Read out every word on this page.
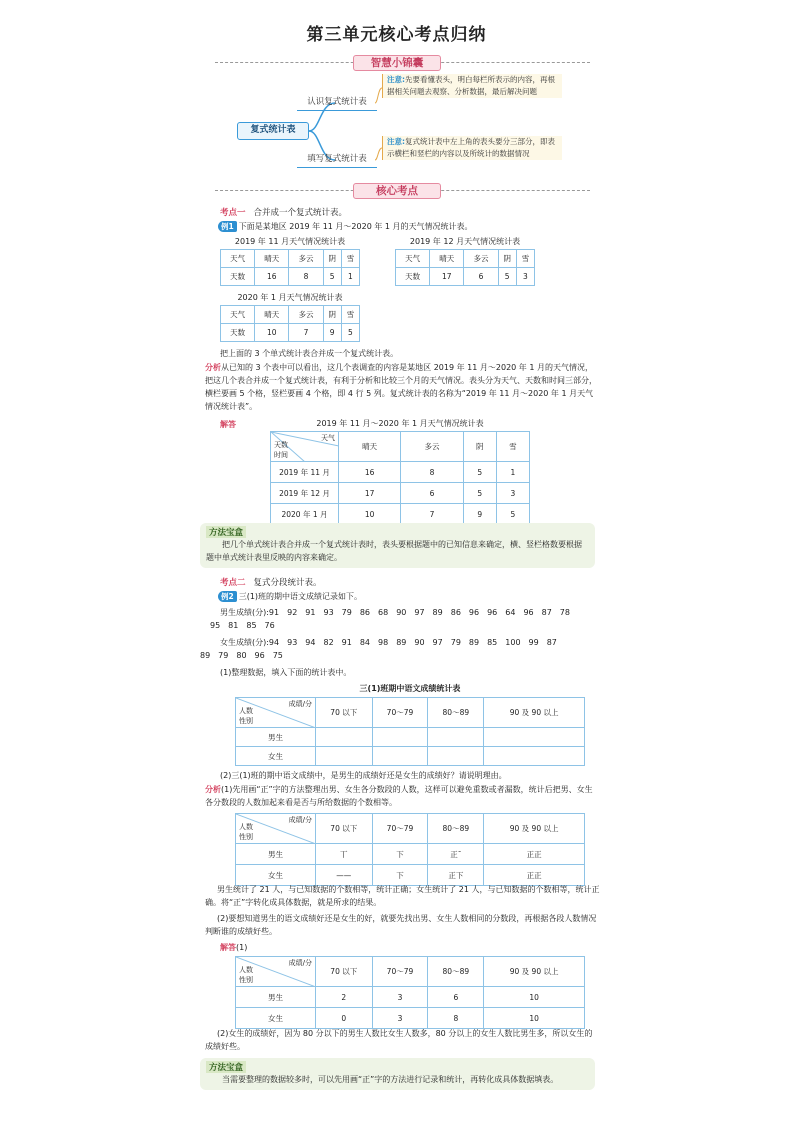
第三单元核心考点归纳
智慧小锦囊
复式统计表
认识复式统计表
填写复式统计表
注意:先要看懂表头，明白每栏所表示的内容，再根据相关问题去观察、分析数据，最后解决问题
注意:复式统计表中左上角的表头要分三部分，即表示横栏和竖栏的内容以及所统计的数据情况
核心考点
考点一 合并成一个复式统计表。
例1 下面是某地区 2019 年 11 月～2020 年 1 月的天气情况统计表。
2019 年 11 月天气情况统计表
天气	晴天	多云	阴	雪
天数	16	8	5	1
2019 年 12 月天气情况统计表
天气	晴天	多云	阴	雪
天数	17	6	5	3
2020 年 1 月天气情况统计表
天气	晴天	多云	阴	雪
天数	10	7	9	5
把上面的 3 个单式统计表合并成一个复式统计表。
分析从已知的 3 个表中可以看出，这几个表调查的内容是某地区 2019 年 11 月～2020 年 1 月的天气情况，把这几个表合并成一个复式统计表，有利于分析和比较三个月的天气情况。表头分为天气、天数和时间三部分，横栏要画 5 个格，竖栏要画 4 个格，即 4 行 5 列。复式统计表的名称为“2019 年 11 月～2020 年 1 月天气情况统计表”。
解答	2019 年 11 月～2020 年 1 月天气情况统计表
天气
天数
时间	晴天	多云	阴	雪
2019 年 11 月	16	8	5	1
2019 年 12 月	17	6	5	3
2020 年 1 月	10	7	9	5
方法宝盒
把几个单式统计表合并成一个复式统计表时，表头要根据题中的已知信息来确定，横、竖栏格数要根据题中单式统计表里反映的内容来确定。
考点二 复式分段统计表。
例2 三(1)班的期中语文成绩记录如下。
男生成绩(分):91　92　91　93　79　86　68　90　97　89　86　96　96　64　96　87　78
95　81　85　76
女生成绩(分):94　93　94　82　91　84　98　89　90　97　79　89　85　100　99　87
89　79　80　96　75
(1)整理数据，填入下面的统计表中。
三(1)班期中语文成绩统计表
成绩/分
人数
性别	70 以下	70～79	80～89	90 及 90 以上
男生				
女生				
(2)三(1)班的期中语文成绩中，是男生的成绩好还是女生的成绩好？请说明理由。
分析(1)先用画“正”字的方法整理出男、女生各分数段的人数，这样可以避免重数或者漏数，统计后把男、女生各分数段的人数加起来看是否与所给数据的个数相等。
成绩/分
人数
性别	70 以下	70～79	80～89	90 及 90 以上
男生	丅	下	正ˉ	正正
女生	——	下	正下	正正
男生统计了 21 人，与已知数据的个数相等，统计正确；女生统计了 21 人，与已知数据的个数相等，统计正确。将“正”字转化成具体数据，就是所求的结果。
(2)要想知道男生的语文成绩好还是女生的好，就要先找出男、女生人数相同的分数段，再根据各段人数情况判断谁的成绩好些。
解答(1)
成绩/分
人数
性别	70 以下	70～79	80～89	90 及 90 以上
男生	2	3	6	10
女生	0	3	8	10
(2)女生的成绩好，因为 80 分以下的男生人数比女生人数多，80 分以上的女生人数比男生多，所以女生的成绩好些。
方法宝盒
当需要整理的数据较多时，可以先用画“正”字的方法进行记录和统计，再转化成具体数据填表。
